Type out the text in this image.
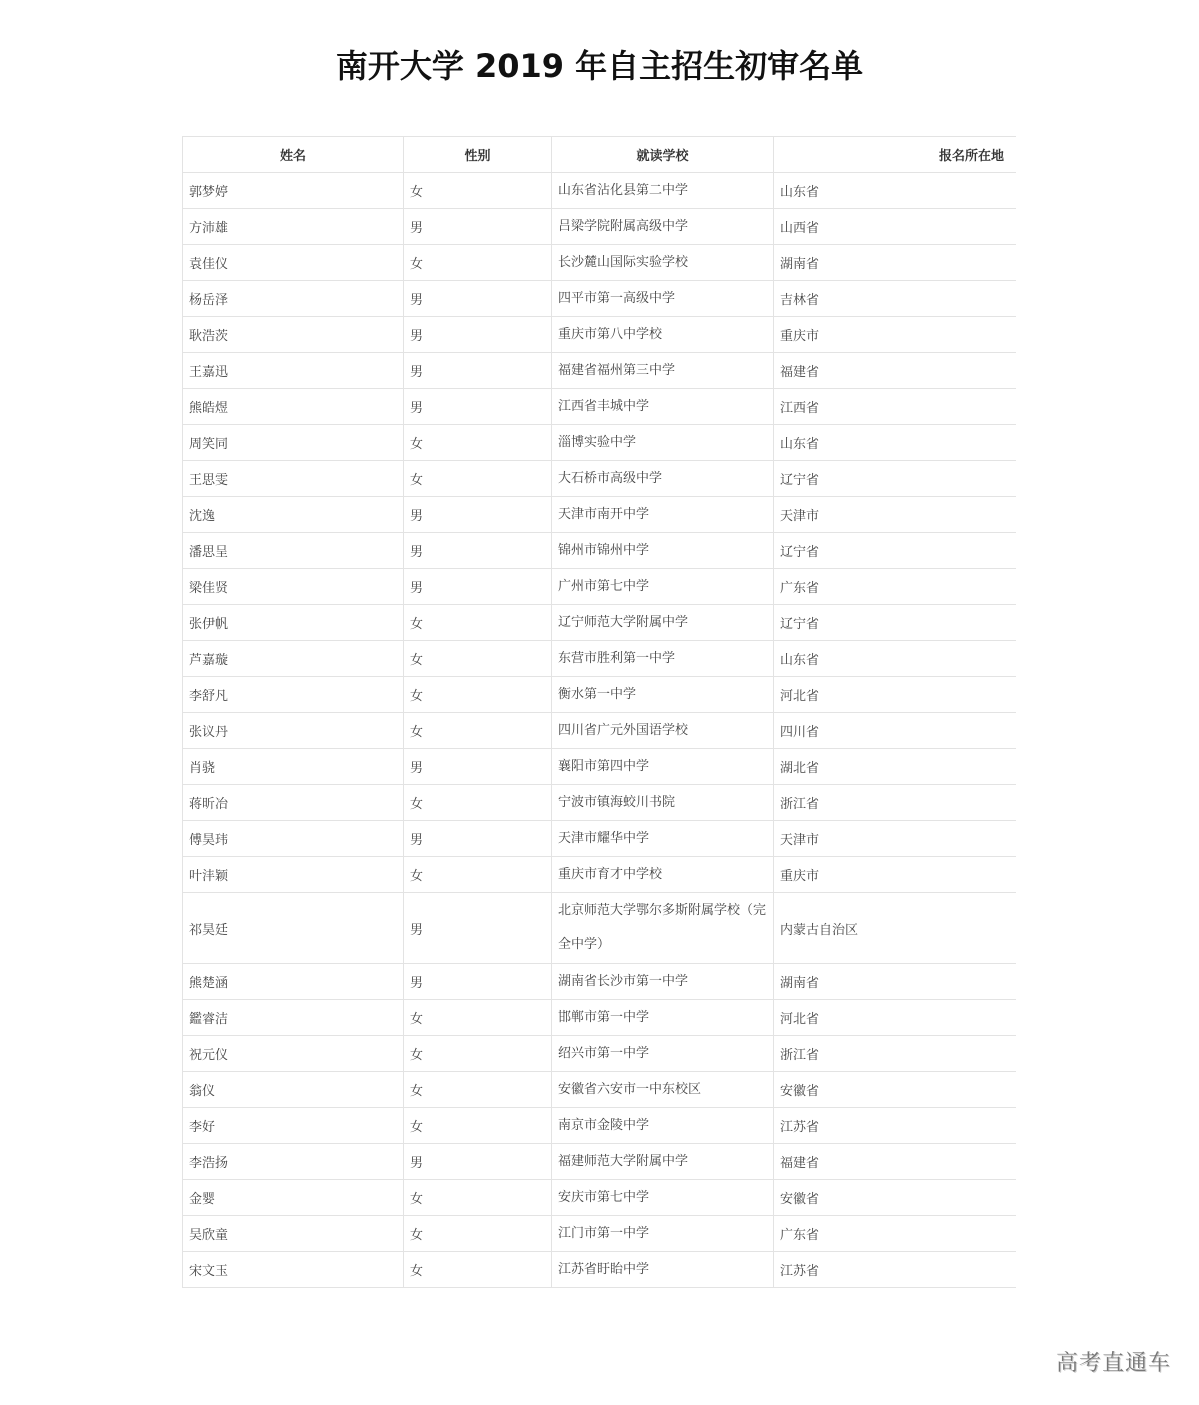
南开大学 2019 年自主招生初审名单
姓名	性别	就读学校	报名所在地
郭梦婷	女	山东省沾化县第二中学	山东省
方沛雄	男	吕梁学院附属高级中学	山西省
袁佳仪	女	长沙麓山国际实验学校	湖南省
杨岳泽	男	四平市第一高级中学	吉林省
耿浩茨	男	重庆市第八中学校	重庆市
王嘉迅	男	福建省福州第三中学	福建省
熊皓煜	男	江西省丰城中学	江西省
周笑同	女	淄博实验中学	山东省
王思雯	女	大石桥市高级中学	辽宁省
沈逸	男	天津市南开中学	天津市
潘思呈	男	锦州市锦州中学	辽宁省
梁佳贤	男	广州市第七中学	广东省
张伊帆	女	辽宁师范大学附属中学	辽宁省
芦嘉璇	女	东营市胜利第一中学	山东省
李舒凡	女	衡水第一中学	河北省
张议丹	女	四川省广元外国语学校	四川省
肖骁	男	襄阳市第四中学	湖北省
蒋昕冶	女	宁波市镇海蛟川书院	浙江省
傅昊玮	男	天津市耀华中学	天津市
叶沣颖	女	重庆市育才中学校	重庆市
祁昊廷	男	北京师范大学鄂尔多斯附属学校（完全中学）	内蒙古自治区
熊楚涵	男	湖南省长沙市第一中学	湖南省
鑑睿洁	女	邯郸市第一中学	河北省
祝元仪	女	绍兴市第一中学	浙江省
翁仪	女	安徽省六安市一中东校区	安徽省
李好	女	南京市金陵中学	江苏省
李浩扬	男	福建师范大学附属中学	福建省
金婴	女	安庆市第七中学	安徽省
吴欣童	女	江门市第一中学	广东省
宋文玉	女	江苏省盱眙中学	江苏省
高考直通车
